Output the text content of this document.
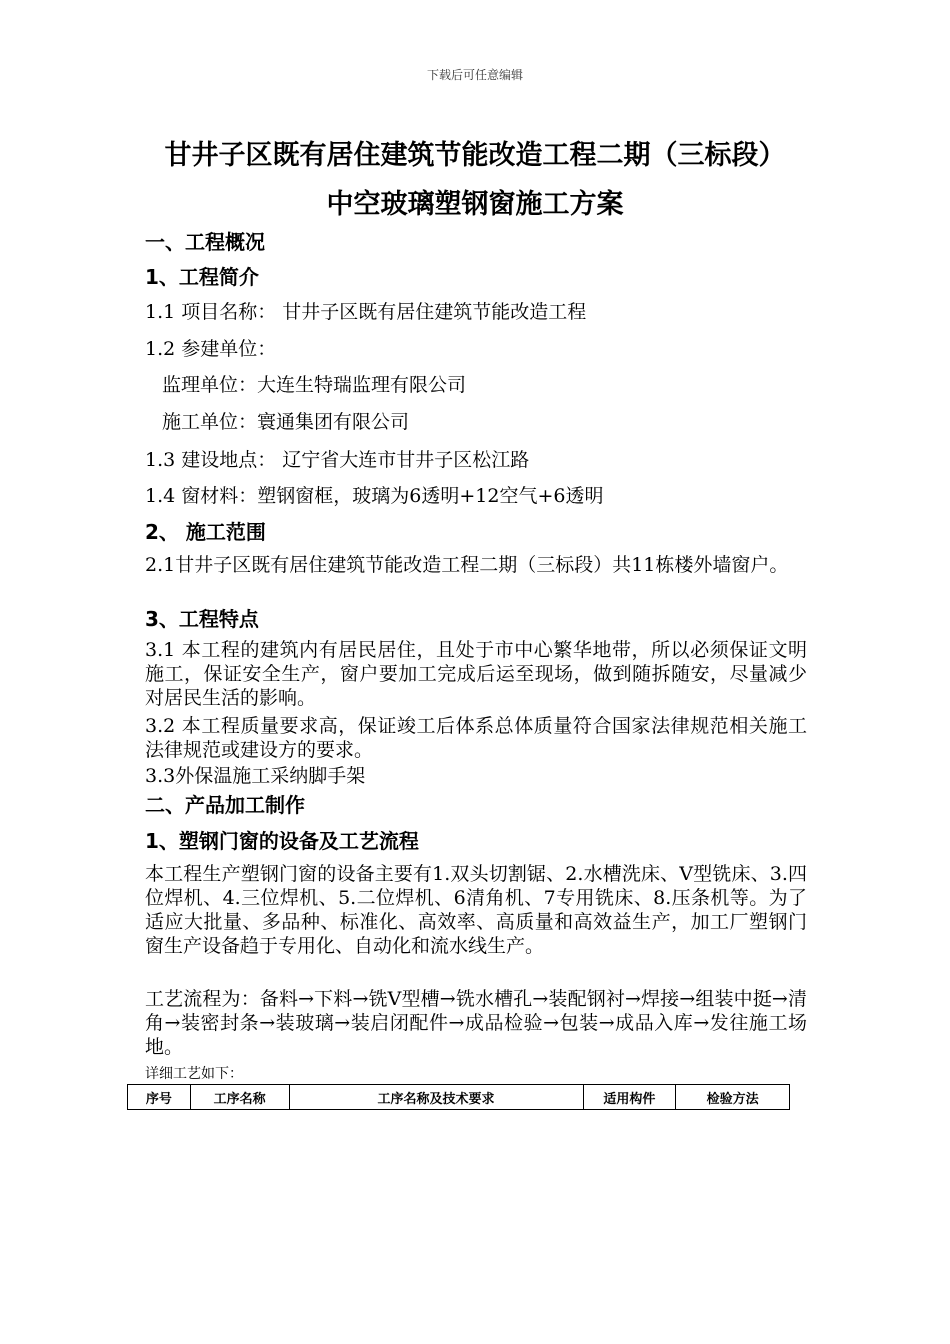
下载后可任意编辑
甘井子区既有居住建筑节能改造工程二期（三标段）
中空玻璃塑钢窗施工方案
一、工程概况
1、工程简介
1.1 项目名称： 甘井子区既有居住建筑节能改造工程
1.2 参建单位：
监理单位：大连生特瑞监理有限公司
施工单位：寰通集团有限公司
1.3 建设地点： 辽宁省大连市甘井子区松江路
1.4 窗材料：塑钢窗框，玻璃为6透明+12空气+6透明
2、 施工范围
2.1甘井子区既有居住建筑节能改造工程二期（三标段）共11栋楼外墙窗户。
3、工程特点
3.1 本工程的建筑内有居民居住，且处于市中心繁华地带，所以必须保证文明施工，保证安全生产，窗户要加工完成后运至现场，做到随拆随安，尽量减少对居民生活的影响。
3.2 本工程质量要求高，保证竣工后体系总体质量符合国家法律规范相关施工法律规范或建设方的要求。
3.3外保温施工采纳脚手架
二、产品加工制作
1、塑钢门窗的设备及工艺流程
本工程生产塑钢门窗的设备主要有1.双头切割锯、2.水槽洗床、V型铣床、3.四位焊机、4.三位焊机、5.二位焊机、6清角机、7专用铣床、8.压条机等。为了适应大批量、多品种、标准化、高效率、高质量和高效益生产，加工厂塑钢门窗生产设备趋于专用化、自动化和流水线生产。
工艺流程为：备料→下料→铣V型槽→铣水槽孔→装配钢衬→焊接→组装中挺→清角→装密封条→装玻璃→装启闭配件→成品检验→包装→成品入库→发往施工场地。
详细工艺如下：
序号	工序名称	工序名称及技术要求	适用构件	检验方法
